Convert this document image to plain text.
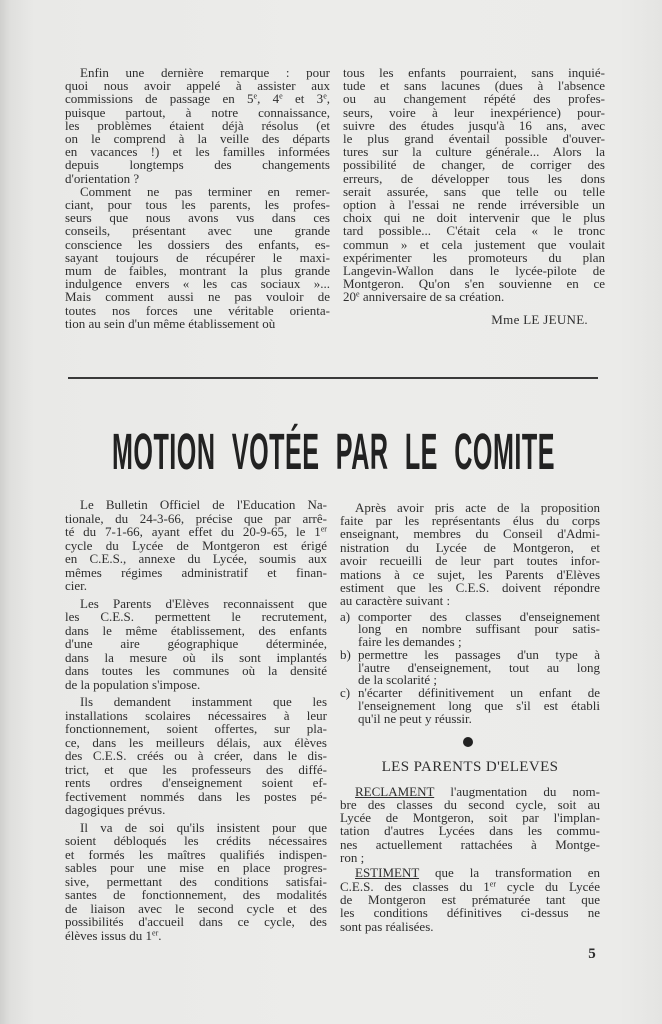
Enfin une dernière remarque : pour
quoi nous avoir appelé à assister aux
commissions de passage en 5e, 4e et 3e,
puisque partout, à notre connaissance,
les problèmes étaient déjà résolus (et
on le comprend à la veille des départs
en vacances !) et les familles informées
depuis longtemps des changements
d'orientation ?
Comment ne pas terminer en remer-
ciant, pour tous les parents, les profes-
seurs que nous avons vus dans ces
conseils, présentant avec une grande
conscience les dossiers des enfants, es-
sayant toujours de récupérer le maxi-
mum de faibles, montrant la plus grande
indulgence envers « les cas sociaux »...
Mais comment aussi ne pas vouloir de
toutes nos forces une véritable orienta-
tion au sein d'un même établissement où
tous les enfants pourraient, sans inquié-
tude et sans lacunes (dues à l'absence
ou au changement répété des profes-
seurs, voire à leur inexpérience) pour-
suivre des études jusqu'à 16 ans, avec
le plus grand éventail possible d'ouver-
tures sur la culture générale... Alors la
possibilité de changer, de corriger des
erreurs, de développer tous les dons
serait assurée, sans que telle ou telle
option à l'essai ne rende irréversible un
choix qui ne doit intervenir que le plus
tard possible... C'était cela « le tronc
commun » et cela justement que voulait
expérimenter les promoteurs du plan
Langevin-Wallon dans le lycée-pilote de
Montgeron. Qu'on s'en souvienne en ce
20e anniversaire de sa création.
Mme LE JEUNE.
MOTION VOTÉE PAR LE COMITE
Le Bulletin Officiel de l'Education Na-
tionale, du 24-3-66, précise que par arrê-
té du 7-1-66, ayant effet du 20-9-65, le 1er
cycle du Lycée de Montgeron est érigé
en C.E.S., annexe du Lycée, soumis aux
mêmes régimes administratif et finan-
cier.
Les Parents d'Elèves reconnaissent que
les C.E.S. permettent le recrutement,
dans le même établissement, des enfants
d'une aire géographique déterminée,
dans la mesure où ils sont implantés
dans toutes les communes où la densité
de la population s'impose.
Ils demandent instamment que les
installations scolaires nécessaires à leur
fonctionnement, soient offertes, sur pla-
ce, dans les meilleurs délais, aux élèves
des C.E.S. créés ou à créer, dans le dis-
trict, et que les professeurs des diffé-
rents ordres d'enseignement soient ef-
fectivement nommés dans les postes pé-
dagogiques prévus.
Il va de soi qu'ils insistent pour que
soient débloqués les crédits nécessaires
et formés les maîtres qualifiés indispen-
sables pour une mise en place progres-
sive, permettant des conditions satisfai-
santes de fonctionnement, des modalités
de liaison avec le second cycle et des
possibilités d'accueil dans ce cycle, des
élèves issus du 1er.
Après avoir pris acte de la proposition
faite par les représentants élus du corps
enseignant, membres du Conseil d'Admi-
nistration du Lycée de Montgeron, et
avoir recueilli de leur part toutes infor-
mations à ce sujet, les Parents d'Elèves
estiment que les C.E.S. doivent répondre
au caractère suivant :
a) comporter des classes d'enseignement
long en nombre suffisant pour satis-
faire les demandes ;
b) permettre les passages d'un type à
l'autre d'enseignement, tout au long
de la scolarité ;
c) n'écarter définitivement un enfant de
l'enseignement long que s'il est établi
qu'il ne peut y réussir.
LES PARENTS D'ELEVES
RECLAMENT l'augmentation du nom-
bre des classes du second cycle, soit au
Lycée de Montgeron, soit par l'implan-
tation d'autres Lycées dans les commu-
nes actuellement rattachées à Montge-
ron ;
ESTIMENT que la transformation en
C.E.S. des classes du 1er cycle du Lycée
de Montgeron est prématurée tant que
les conditions définitives ci-dessus ne
sont pas réalisées.
5
